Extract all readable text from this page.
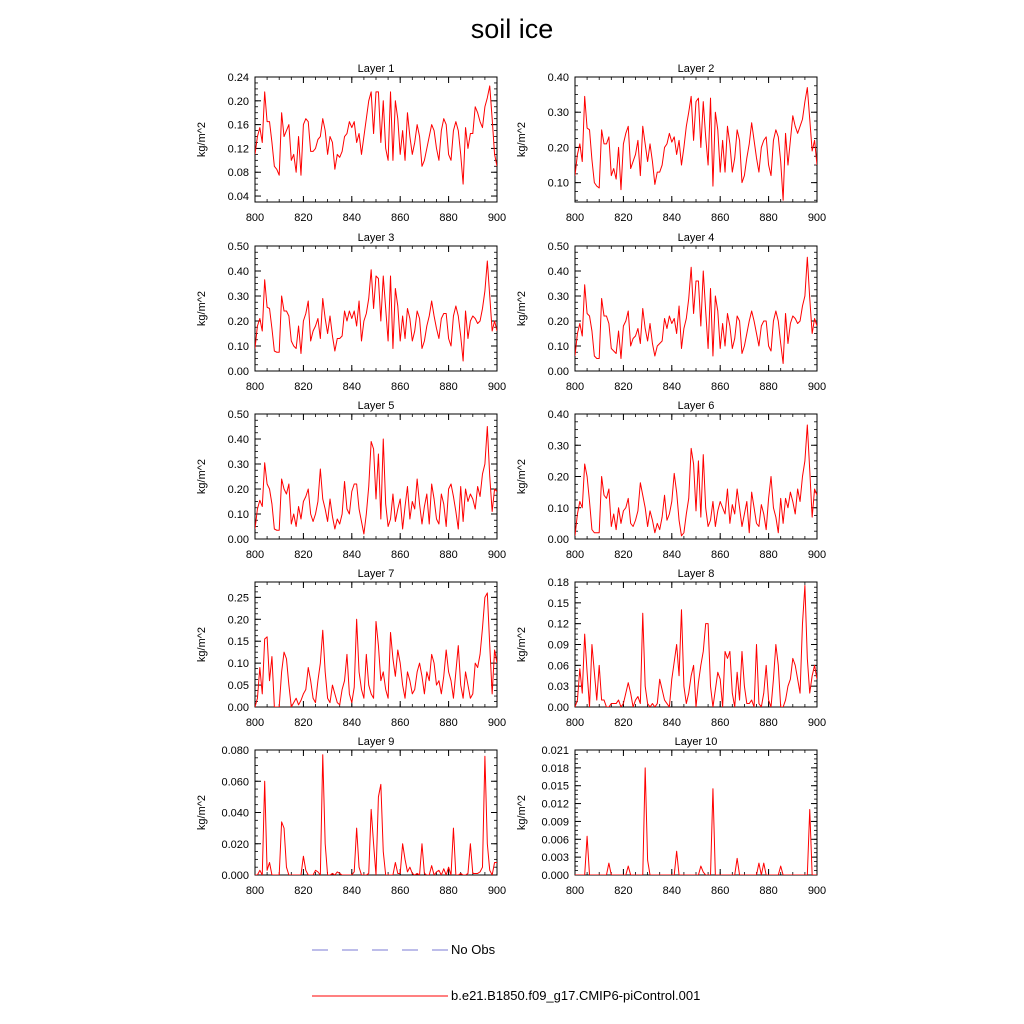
soil ice
Layer 1
800	820	840	860	880	900
0.04
0.08
0.12
0.16
0.20
0.24
kg/m^2
Layer 2
800	820	840	860	880	900
0.10
0.20
0.30
0.40
kg/m^2
Layer 3
800	820	840	860	880	900
0.00
0.10
0.20
0.30
0.40
0.50
kg/m^2
Layer 4
800	820	840	860	880	900
0.00
0.10
0.20
0.30
0.40
0.50
kg/m^2
Layer 5
800	820	840	860	880	900
0.00
0.10
0.20
0.30
0.40
0.50
kg/m^2
Layer 6
800	820	840	860	880	900
0.00
0.10
0.20
0.30
0.40
kg/m^2
Layer 7
800	820	840	860	880	900
0.00
0.05
0.10
0.15
0.20
0.25
kg/m^2
Layer 8
800	820	840	860	880	900
0.00
0.03
0.06
0.09
0.12
0.15
0.18
kg/m^2
Layer 9
800	820	840	860	880	900
0.000
0.020
0.040
0.060
0.080
kg/m^2
Layer 10
800	820	840	860	880	900
0.000
0.003
0.006
0.009
0.012
0.015
0.018
0.021
kg/m^2
No Obs
b.e21.B1850.f09_g17.CMIP6-piControl.001
